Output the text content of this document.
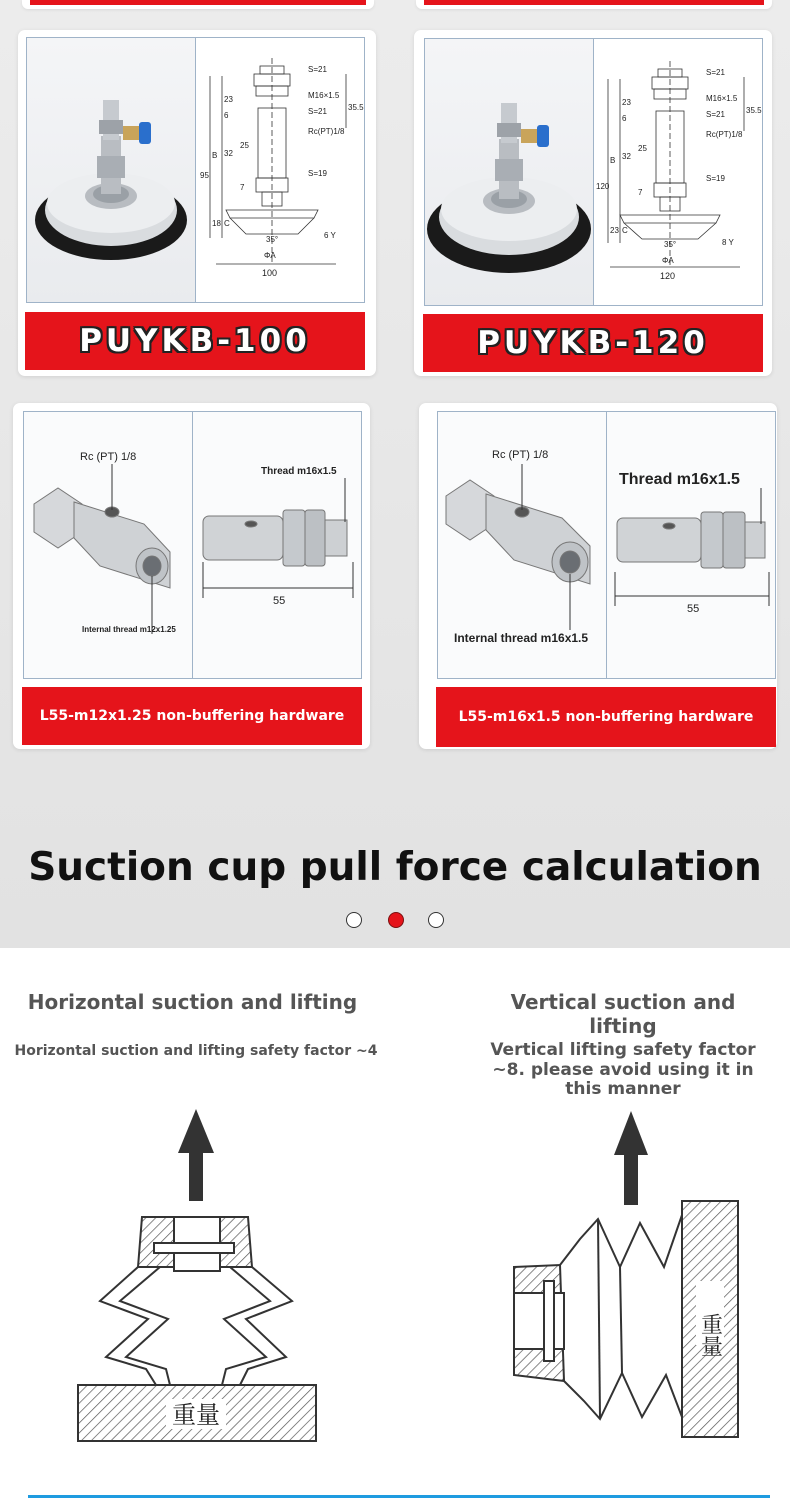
S=21
M16×1.5
S=21
Rc(PT)1/8
S=19
23
6
32
25
7
18
B
C
95
35.5
6 Y
35°
ΦA
100
PUYKB-100
S=21
M16×1.5
S=21
Rc(PT)1/8
S=19
23
6
32
25
7
23
B
C
120
35.5
8 Y
35°
ΦA
120
PUYKB-120
Rc (PT) 1/8
Internal thread m12x1.25
Thread m16x1.5
55
L55-m12x1.25 non-buffering hardware
Rc (PT) 1/8
Internal thread m16x1.5
Thread m16x1.5
55
L55-m16x1.5 non-buffering hardware
Suction cup pull force calculation
Horizontal suction and lifting
Horizontal suction and lifting safety factor ~4
Vertical suction and lifting
Vertical lifting safety factor ~8. please avoid using it in this manner
重量
重量
